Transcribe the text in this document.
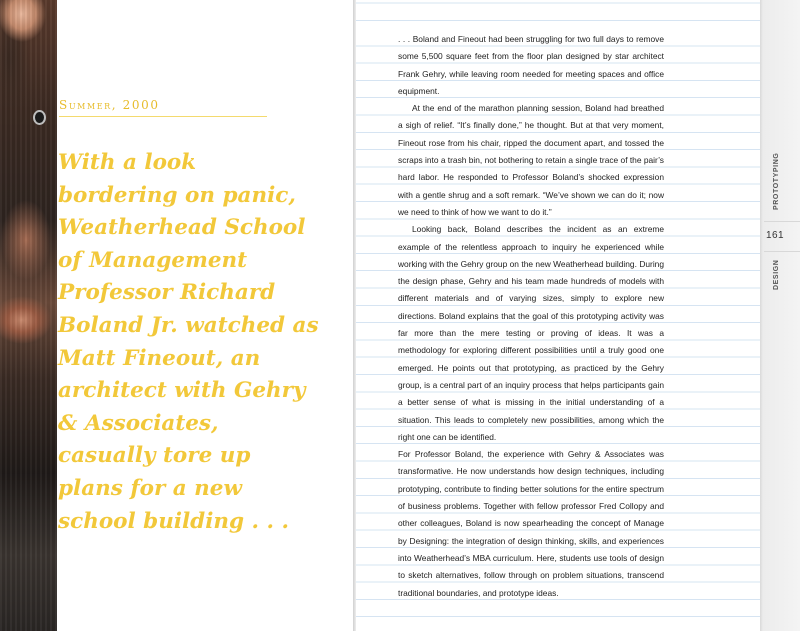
Summer, 2000

With a look bordering on panic, Weatherhead School of Management Professor Richard Boland Jr. watched as Matt Fineout, an architect with Gehry & Associates, casually tore up plans for a new school building . . .

. . . Boland and Fineout had been struggling for two full days to remove some 5,500 square feet from the floor plan designed by star architect Frank Gehry, while leaving room needed for meeting spaces and office equipment.

At the end of the marathon planning session, Boland had breathed a sigh of relief. “It’s finally done,” he thought. But at that very moment, Fineout rose from his chair, ripped the document apart, and tossed the scraps into a trash bin, not bothering to retain a single trace of the pair’s hard labor. He responded to Professor Boland’s shocked expression with a gentle shrug and a soft remark. “We’ve shown we can do it; now we need to think of how we want to do it.”

Looking back, Boland describes the incident as an extreme example of the relentless approach to inquiry he experienced while working with the Gehry group on the new Weatherhead building. During the design phase, Gehry and his team made hundreds of models with different materials and of varying sizes, simply to explore new directions. Boland explains that the goal of this prototyping activity was far more than the mere testing or proving of ideas. It was a methodology for exploring different possibilities until a truly good one emerged. He points out that prototyping, as practiced by the Gehry group, is a central part of an inquiry process that helps participants gain a better sense of what is missing in the initial understanding of a situation. This leads to completely new possibilities, among which the right one can be identified.

For Professor Boland, the experience with Gehry & Associates was transformative. He now understands how design techniques, including prototyping, contribute to finding better solutions for the entire spectrum of business problems. Together with fellow professor Fred Collopy and other colleagues, Boland is now spearheading the concept of Manage by Designing: the integration of design thinking, skills, and experiences into Weatherhead’s MBA curriculum. Here, students use tools of design to sketch alternatives, follow through on problem situations, transcend traditional boundaries, and prototype ideas.

161
